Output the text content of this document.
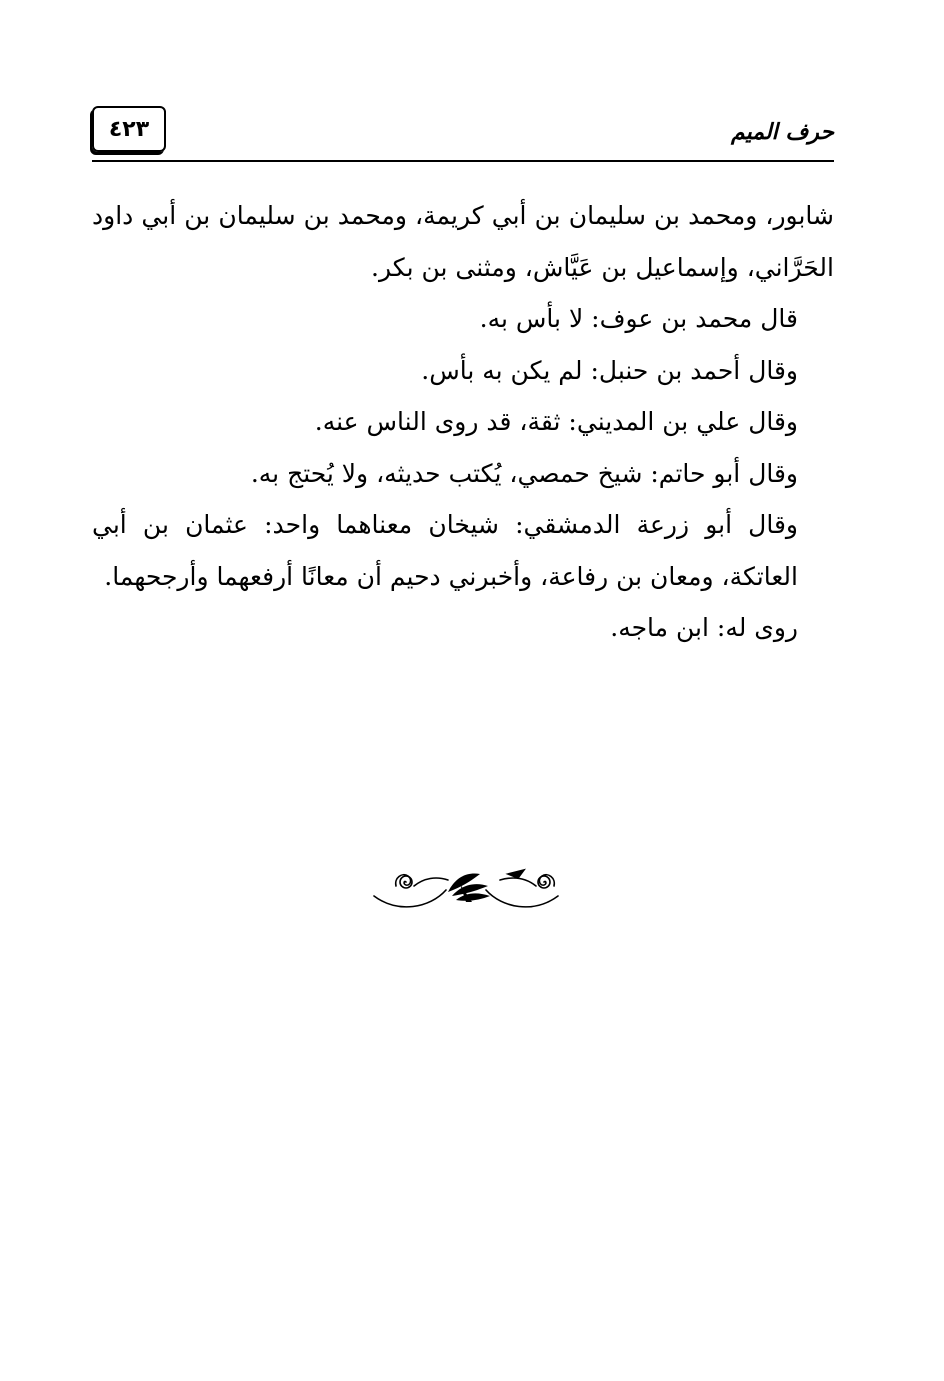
٤٢٣	حرف الميم

شابور، ومحمد بن سليمان بن أبي كريمة، ومحمد بن سليمان بن أبي داود الحَرَّاني، وإسماعيل بن عَيَّاش، ومثنى بن بكر.

قال محمد بن عوف: لا بأس به.

وقال أحمد بن حنبل: لم يكن به بأس.

وقال علي بن المديني: ثقة، قد روى الناس عنه.

وقال أبو حاتم: شيخ حمصي، يُكتب حديثه، ولا يُحتج به.

وقال أبو زرعة الدمشقي: شيخان معناهما واحد: عثمان بن أبي العاتكة، ومعان بن رفاعة، وأخبرني دحيم أن معانًا أرفعهما وأرجحهما.

روى له: ابن ماجه.
